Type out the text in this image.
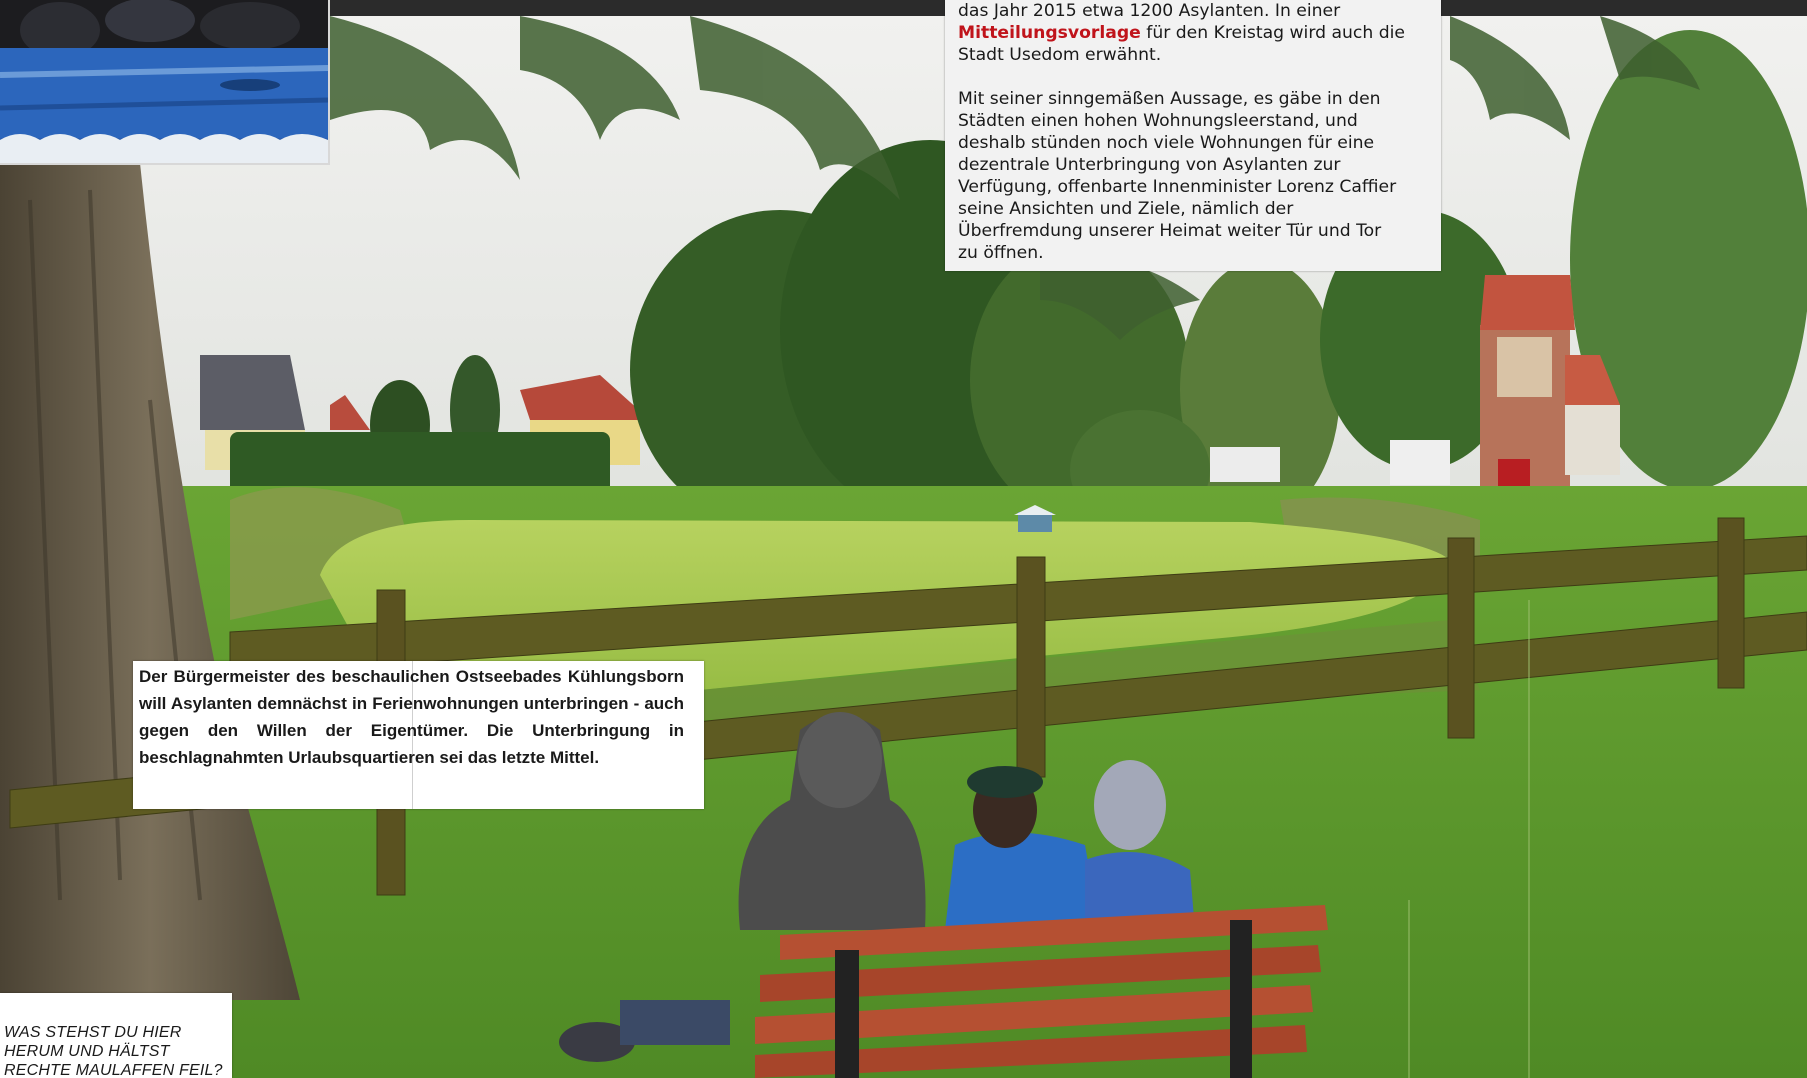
das Jahr 2015 etwa 1200 Asylanten. In einer

Mitteilungsvorlage für den Kreistag wird auch die

Stadt Usedom erwähnt.

Mit seiner sinngemäßen Aussage, es gäbe in den

Städten einen hohen Wohnungsleerstand, und

deshalb stünden noch viele Wohnungen für eine

dezentrale Unterbringung von Asylanten zur

Verfügung, offenbarte Innenminister Lorenz Caffier

seine Ansichten und Ziele, nämlich der

Überfremdung unserer Heimat weiter Tür und Tor

zu öffnen.

Der Bürgermeister des beschaulichen Ostseebades Kühlungsborn will Asylanten demnächst in Ferienwohnungen unterbringen - auch gegen den Willen der Eigentümer. Die Unterbringung in beschlagnahmten Urlaubsquartieren sei das letzte Mittel.
WAS STEHST DU HIER
HERUM UND HÄLTST
RECHTE MAULAFFEN FEIL?
